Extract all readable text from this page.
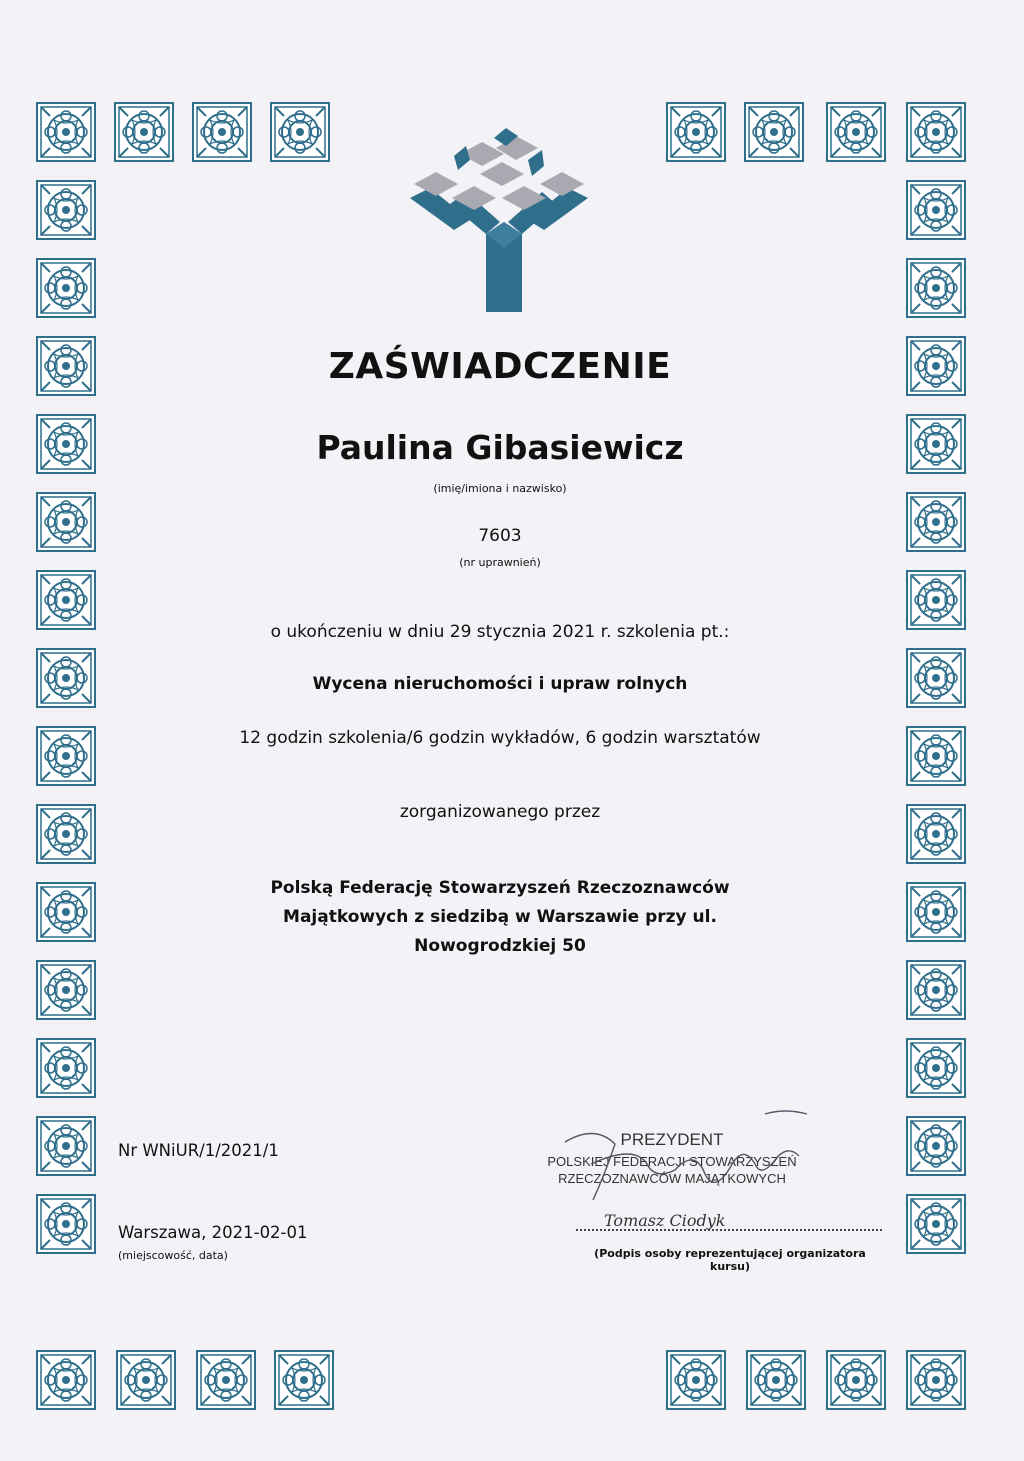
ZAŚWIADCZENIE
Paulina Gibasiewicz
(imię/imiona i nazwisko)
7603
(nr uprawnień)
o ukończeniu w dniu 29 stycznia 2021 r. szkolenia pt.:
Wycena nieruchomości i upraw rolnych
12 godzin szkolenia/6 godzin wykładów, 6 godzin warsztatów
zorganizowanego przez
Polską Federację Stowarzyszeń Rzeczoznawców
Majątkowych z siedzibą w Warszawie przy ul.
Nowogrodzkiej 50
Nr WNiUR/1/2021/1
Warszawa, 2021-02-01
(miejscowość, data)
PREZYDENT
POLSKIEJ FEDERACJI STOWARZYSZEŃ
RZECZOZNAWCÓW MAJĄTKOWYCH
Tomasz Ciodyk
(Podpis osoby reprezentującej organizatora kursu)
